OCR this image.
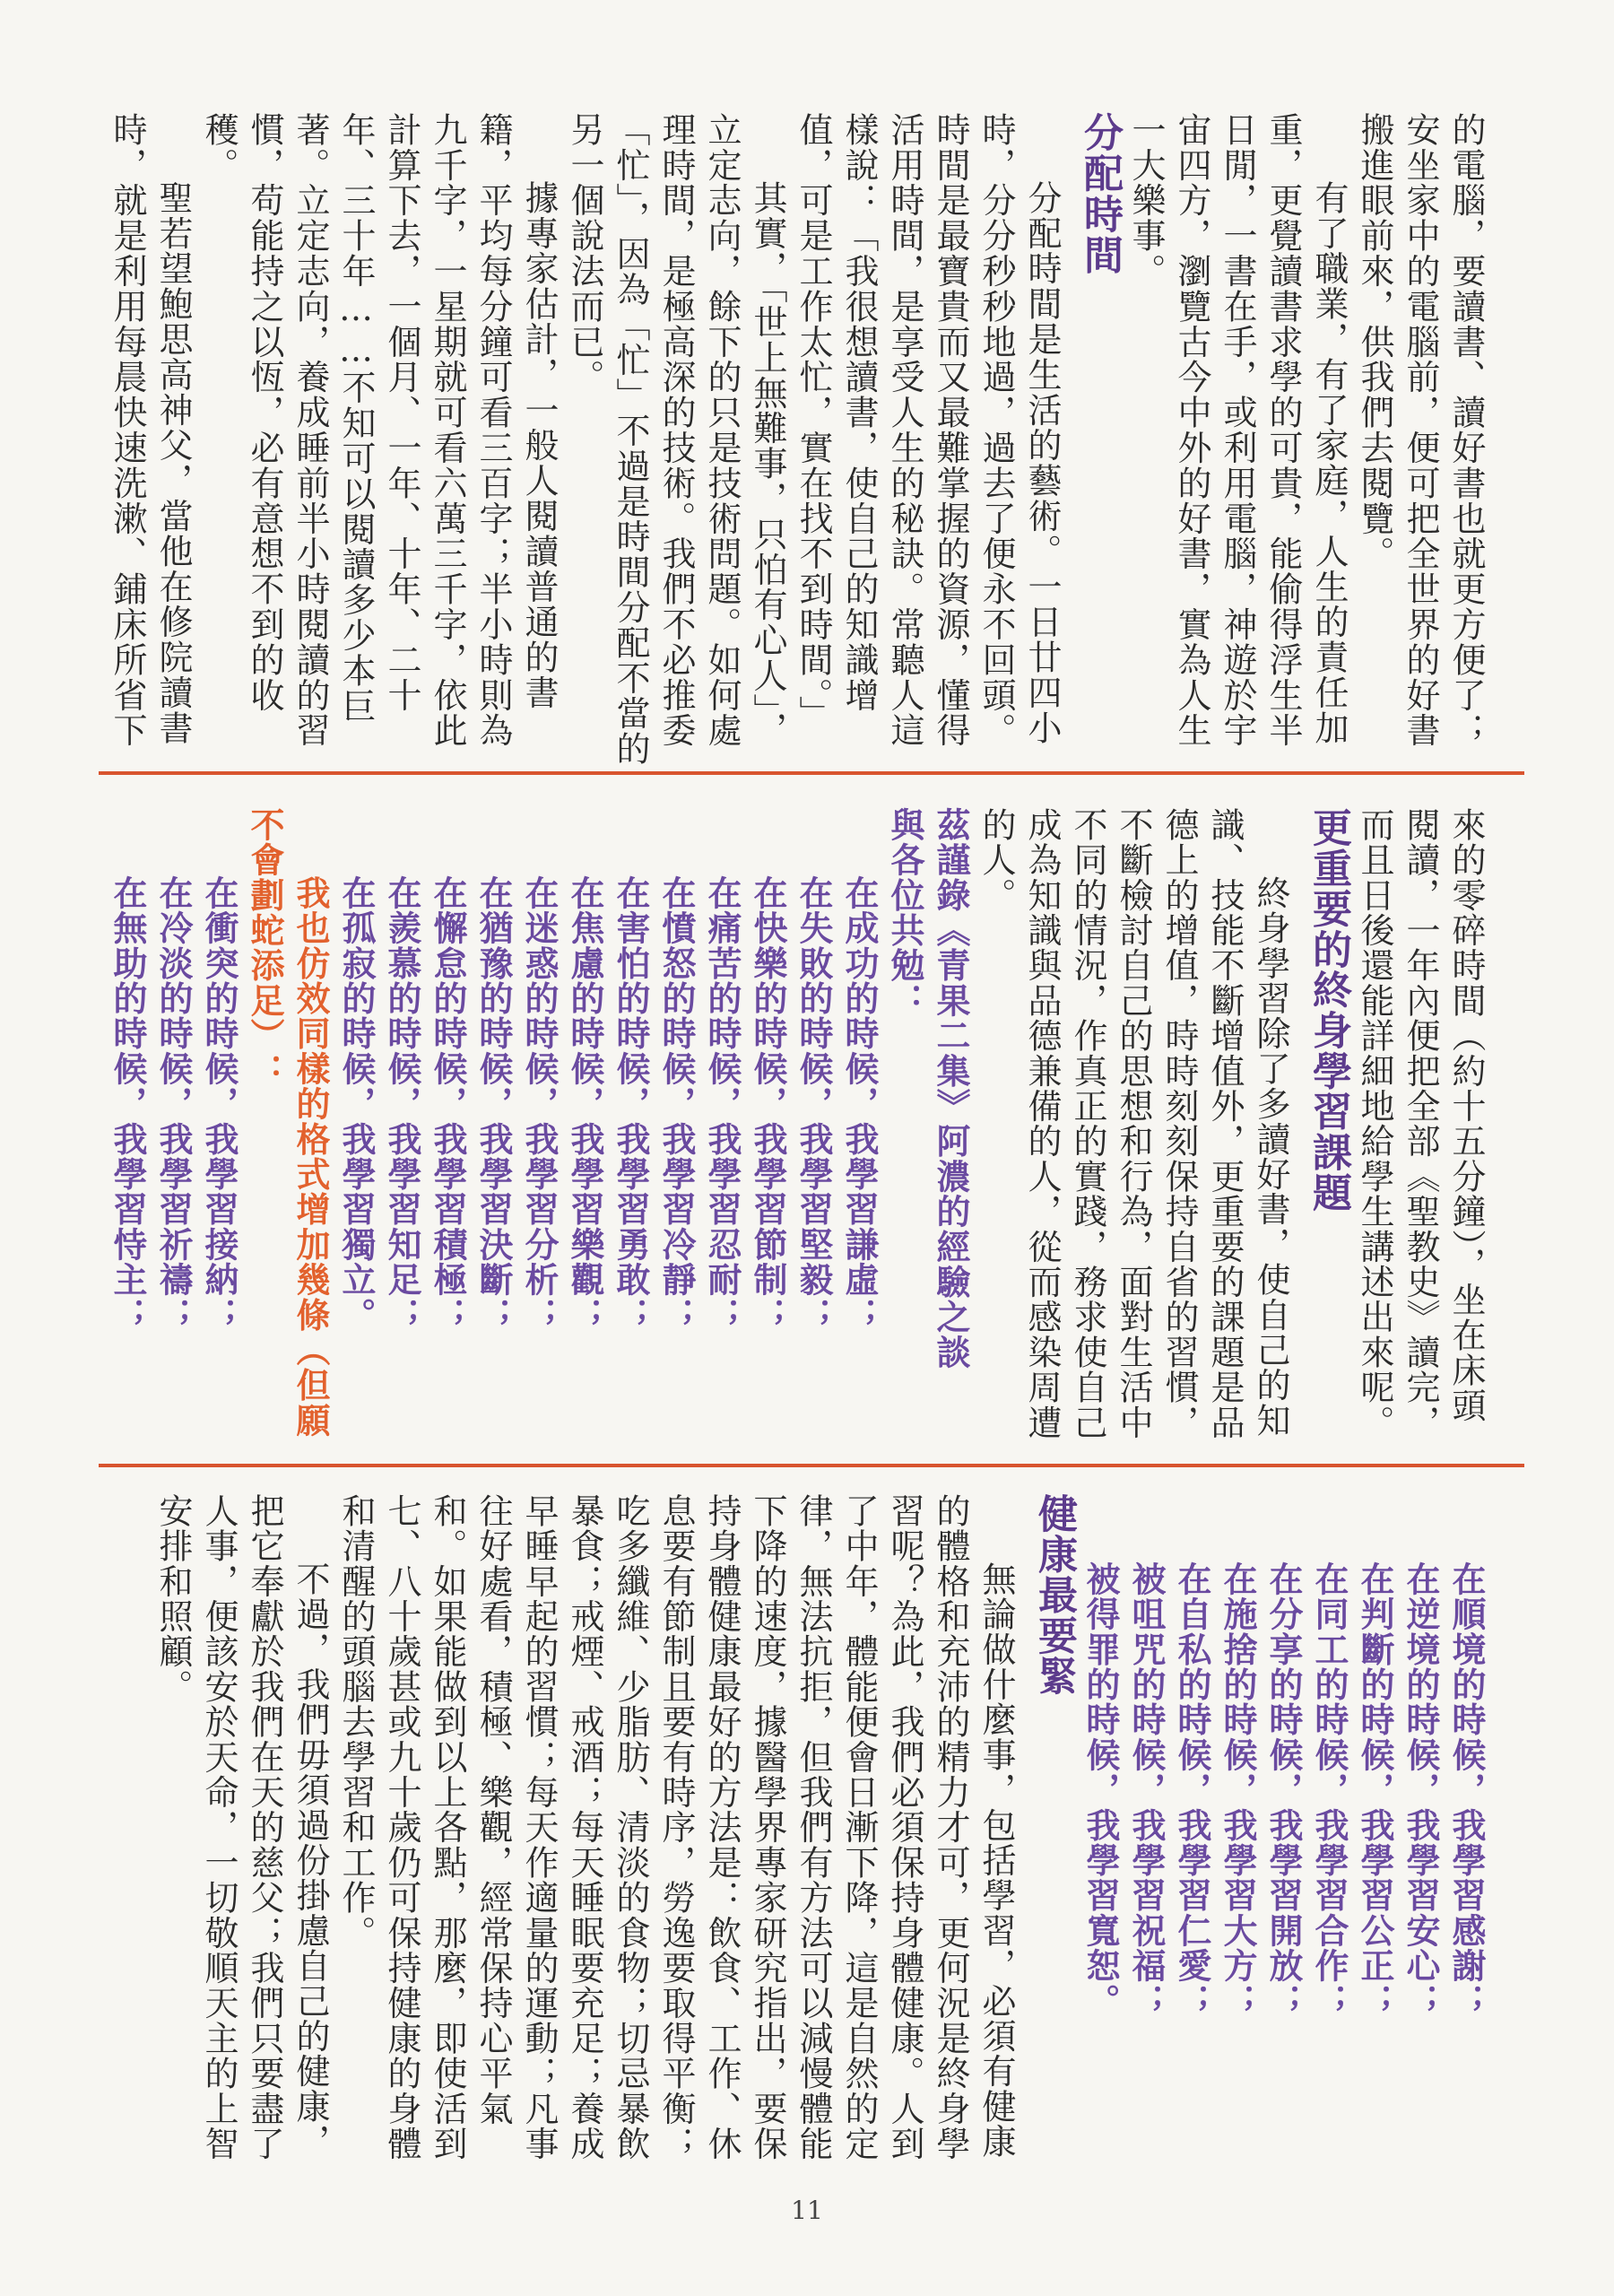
的電腦，要讀書、讀好書也就更方便了；安坐家中的電腦前，便可把全世界的好書搬進眼前來，供我們去閱覽。

有了職業，有了家庭，人生的責任加重，更覺讀書求學的可貴，能偷得浮生半日閒，一書在手，或利用電腦，神遊於宇宙四方，瀏覽古今中外的好書，實為人生一大樂事。

分配時間

分配時間是生活的藝術。一日廿四小時，分分秒秒地過，過去了便永不回頭。時間是最寶貴而又最難掌握的資源，懂得活用時間，是享受人生的秘訣。常聽人這樣說：「我很想讀書，使自己的知識增值，可是工作太忙，實在找不到時間。」

其實，「世上無難事，只怕有心人」，立定志向，餘下的只是技術問題。如何處理時間，是極高深的技術。我們不必推委「忙」，因為「忙」不過是時間分配不當的另一個說法而已。

據專家估計，一般人閱讀普通的書籍，平均每分鐘可看三百字；半小時則為九千字，一星期就可看六萬三千字，依此計算下去，一個月、一年、十年、二十年、三十年……不知可以閱讀多少本巨著。立定志向，養成睡前半小時閱讀的習慣，苟能持之以恆，必有意想不到的收穫。

聖若望鮑思高神父，當他在修院讀書時，就是利用每晨快速洗漱、鋪床所省下

來的零碎時間（約十五分鐘），坐在床頭閱讀，一年內便把全部《聖教史》讀完，而且日後還能詳細地給學生講述出來呢。

更重要的終身學習課題

終身學習除了多讀好書，使自己的知識、技能不斷增值外，更重要的課題是品德上的增值，時時刻刻保持自省的習慣，不斷檢討自己的思想和行為，面對生活中不同的情況，作真正的實踐，務求使自己成為知識與品德兼備的人，從而感染周遭的人。

茲謹錄《青果二集》阿濃的經驗之談

與各位共勉：

在成功的時候，我學習謙虛；

在失敗的時候，我學習堅毅；

在快樂的時候，我學習節制；

在痛苦的時候，我學習忍耐；

在憤怒的時候，我學習冷靜；

在害怕的時候，我學習勇敢；

在焦慮的時候，我學習樂觀；

在迷惑的時候，我學習分析；

在猶豫的時候，我學習決斷；

在懈怠的時候，我學習積極；

在羨慕的時候，我學習知足；

在孤寂的時候，我學習獨立。

我也仿效同樣的格式增加幾條（但願

不會劃蛇添足）：

在衝突的時候，我學習接納；

在冷淡的時候，我學習祈禱；

在無助的時候，我學習恃主；

在順境的時候，我學習感謝；

在逆境的時候，我學習安心；

在判斷的時候，我學習公正；

在同工的時候，我學習合作；

在分享的時候，我學習開放；

在施捨的時候，我學習大方；

在自私的時候，我學習仁愛；

被咀咒的時候，我學習祝福；

被得罪的時候，我學習寬恕。

健康最要緊

無論做什麼事，包括學習，必須有健康的體格和充沛的精力才可，更何況是終身學習呢？為此，我們必須保持身體健康。人到了中年，體能便會日漸下降，這是自然的定律，無法抗拒，但我們有方法可以減慢體能下降的速度，據醫學界專家研究指出，要保持身體健康最好的方法是：飲食、工作、休息要有節制且要有時序，勞逸要取得平衡；吃多纖維、少脂肪、清淡的食物；切忌暴飲暴食；戒煙、戒酒；每天睡眠要充足；養成早睡早起的習慣；每天作適量的運動；凡事往好處看，積極、樂觀，經常保持心平氣和。如果能做到以上各點，那麼，即使活到七、八十歲甚或九十歲仍可保持健康的身體和清醒的頭腦去學習和工作。

不過，我們毋須過份掛慮自己的健康，把它奉獻於我們在天的慈父；我們只要盡了人事，便該安於天命，一切敬順天主的上智安排和照顧。

11
